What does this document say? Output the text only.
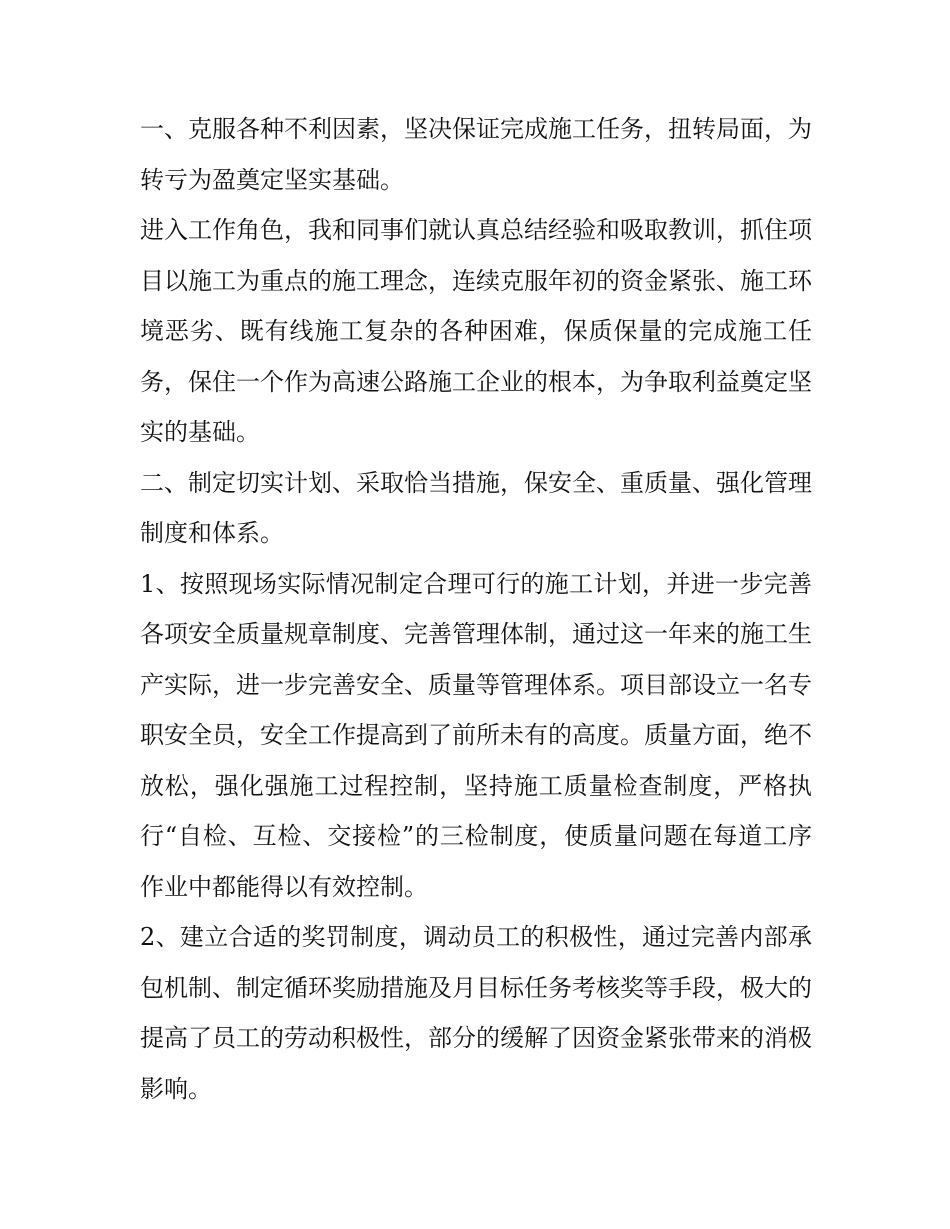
一、克服各种不利因素，坚决保证完成施工任务，扭转局面，为转亏为盈奠定坚实基础。

进入工作角色，我和同事们就认真总结经验和吸取教训，抓住项目以施工为重点的施工理念，连续克服年初的资金紧张、施工环境恶劣、既有线施工复杂的各种困难，保质保量的完成施工任务，保住一个作为高速公路施工企业的根本，为争取利益奠定坚实的基础。

二、制定切实计划、采取恰当措施，保安全、重质量、强化管理制度和体系。

1、按照现场实际情况制定合理可行的施工计划，并进一步完善各项安全质量规章制度、完善管理体制，通过这一年来的施工生产实际，进一步完善安全、质量等管理体系。项目部设立一名专职安全员，安全工作提高到了前所未有的高度。质量方面，绝不放松，强化强施工过程控制，坚持施工质量检查制度，严格执行“自检、互检、交接检”的三检制度，使质量问题在每道工序作业中都能得以有效控制。

2、建立合适的奖罚制度，调动员工的积极性，通过完善内部承包机制、制定循环奖励措施及月目标任务考核奖等手段，极大的提高了员工的劳动积极性，部分的缓解了因资金紧张带来的消极影响。
